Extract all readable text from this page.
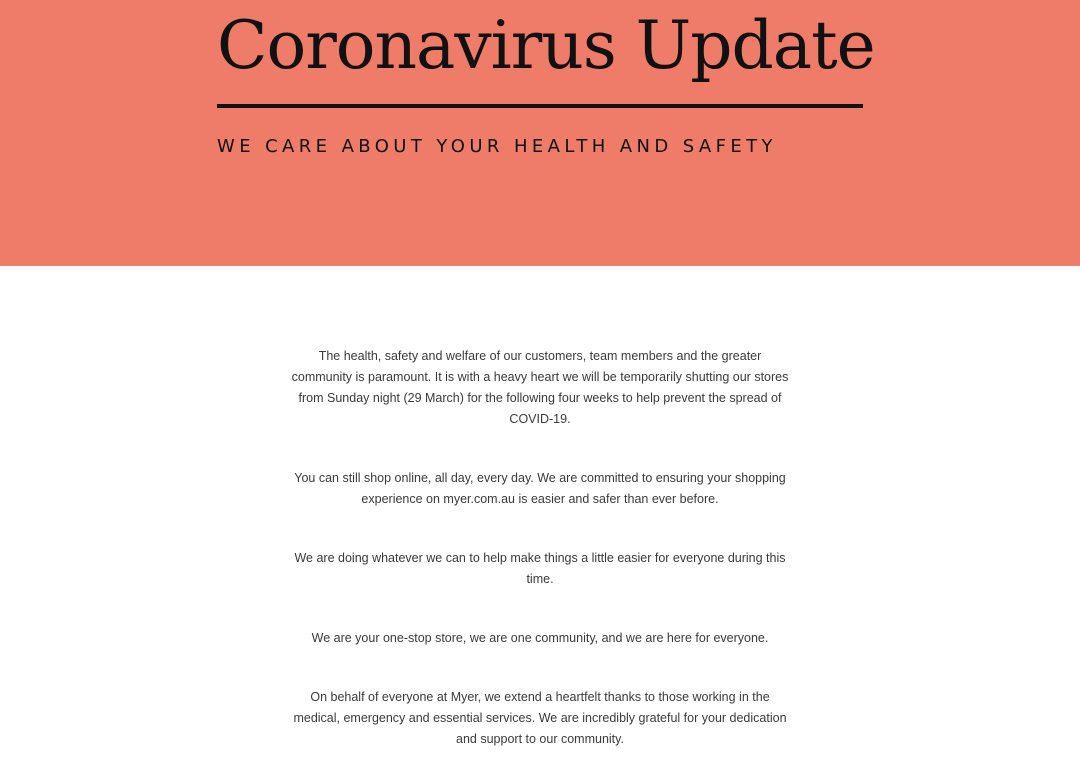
Coronavirus Update
WE CARE ABOUT YOUR HEALTH AND SAFETY

The health, safety and welfare of our customers, team members and the greater community is paramount. It is with a heavy heart we will be temporarily shutting our stores from Sunday night (29 March) for the following four weeks to help prevent the spread of COVID-19.

You can still shop online, all day, every day. We are committed to ensuring your shopping experience on myer.com.au is easier and safer than ever before.

We are doing whatever we can to help make things a little easier for everyone during this time.

We are your one-stop store, we are one community, and we are here for everyone.

On behalf of everyone at Myer, we extend a heartfelt thanks to those working in the medical, emergency and essential services. We are incredibly grateful for your dedication and support to our community.
